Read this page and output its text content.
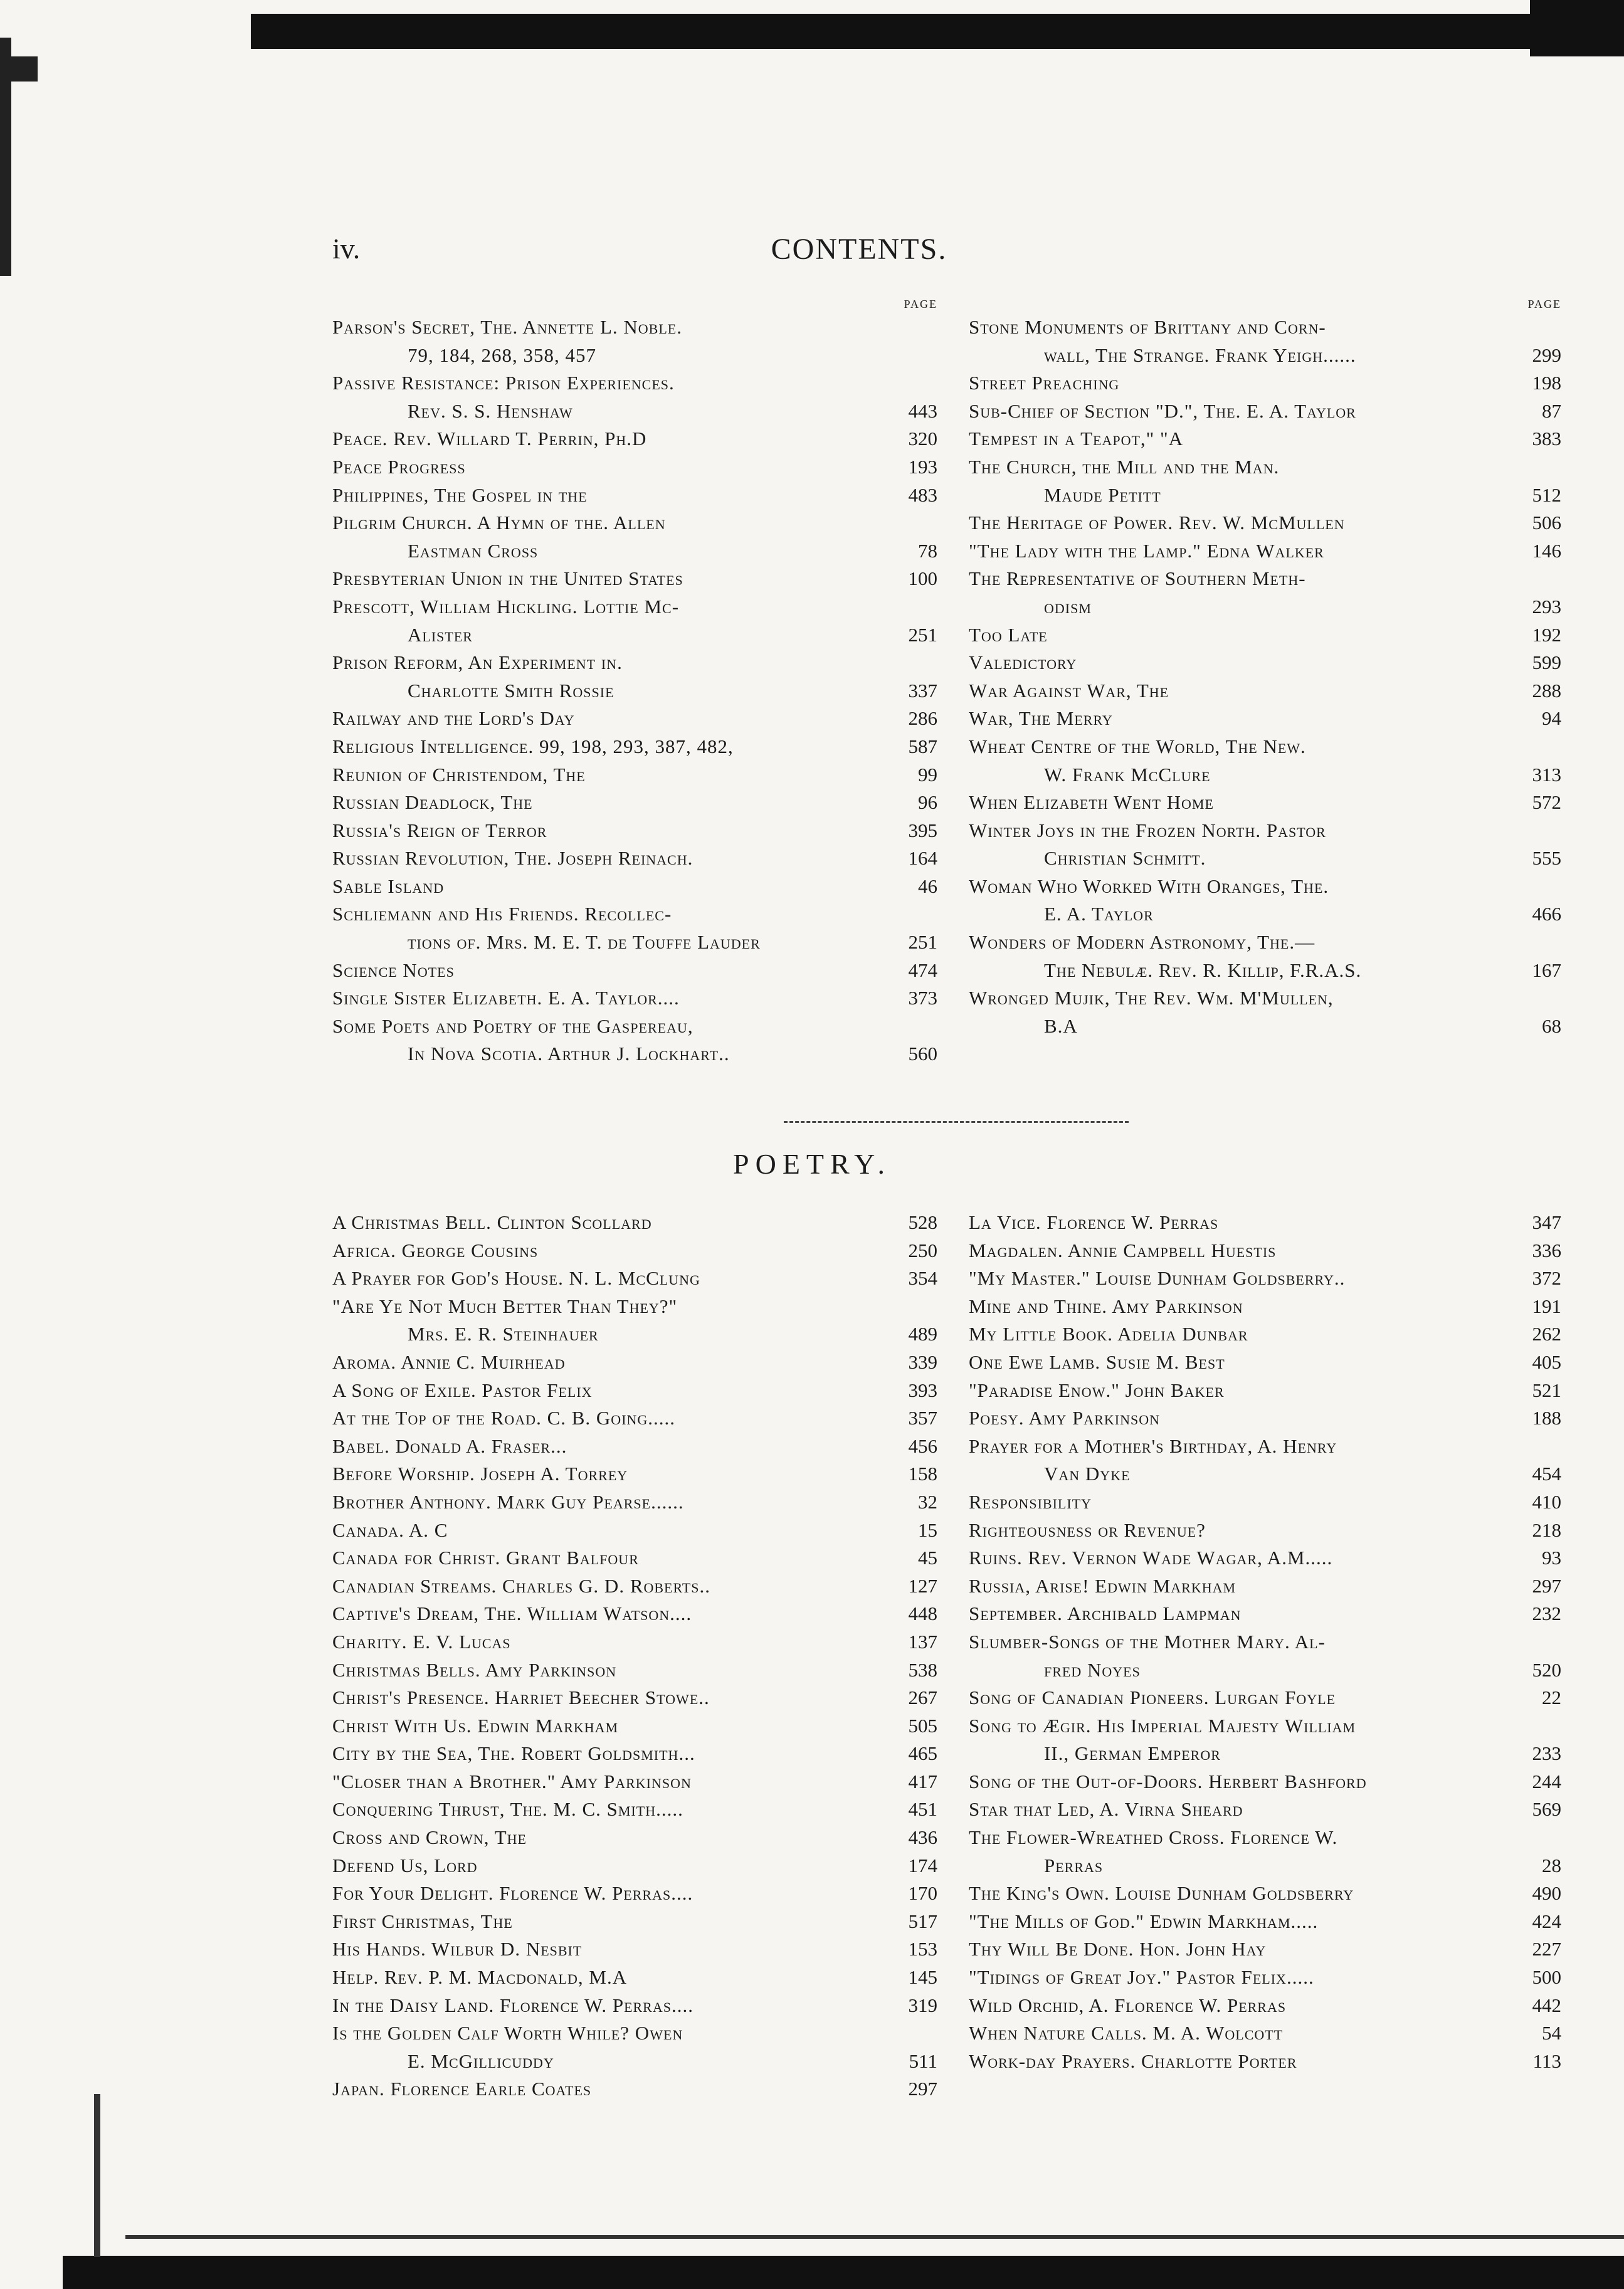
iv.	CONTENTS.
PAGE
Parson's Secret, The. Annette L. Noble.
79, 184, 268, 358, 457
Passive Resistance: Prison Experiences.
Rev. S. S. Henshaw	443
Peace. Rev. Willard T. Perrin, Ph.D	320
Peace Progress	193
Philippines, The Gospel in the	483
Pilgrim Church. A Hymn of the. Allen
Eastman Cross	78
Presbyterian Union in the United States	100
Prescott, William Hickling. Lottie Mc-
Alister	251
Prison Reform, An Experiment in.
Charlotte Smith Rossie	337
Railway and the Lord's Day	286
Religious Intelligence. 99, 198, 293, 387, 482,	587
Reunion of Christendom, The	99
Russian Deadlock, The	96
Russia's Reign of Terror	395
Russian Revolution, The. Joseph Reinach.	164
Sable Island	46
Schliemann and His Friends. Recollec-
tions of. Mrs. M. E. T. de Touffe Lauder	251
Science Notes	474
Single Sister Elizabeth. E. A. Taylor....	373
Some Poets and Poetry of the Gaspereau,
In Nova Scotia. Arthur J. Lockhart..	560
PAGE
Stone Monuments of Brittany and Corn-
wall, The Strange. Frank Yeigh......	299
Street Preaching	198
Sub-Chief of Section "D.", The. E. A. Taylor	87
Tempest in a Teapot," "A	383
The Church, the Mill and the Man.
Maude Petitt	512
The Heritage of Power. Rev. W. McMullen	506
"The Lady with the Lamp." Edna Walker	146
The Representative of Southern Meth-
odism	293
Too Late	192
Valedictory	599
War Against War, The	288
War, The Merry	94
Wheat Centre of the World, The New.
W. Frank McClure	313
When Elizabeth Went Home	572
Winter Joys in the Frozen North. Pastor
Christian Schmitt.	555
Woman Who Worked With Oranges, The.
E. A. Taylor	466
Wonders of Modern Astronomy, The.—
The Nebulæ. Rev. R. Killip, F.R.A.S.	167
Wronged Mujik, The Rev. Wm. M'Mullen,
B.A	68
POETRY.
A Christmas Bell. Clinton Scollard	528
Africa. George Cousins	250
A Prayer for God's House. N. L. McClung	354
"Are Ye Not Much Better Than They?"
Mrs. E. R. Steinhauer	489
Aroma. Annie C. Muirhead	339
A Song of Exile. Pastor Felix	393
At the Top of the Road. C. B. Going.....	357
Babel. Donald A. Fraser...	456
Before Worship. Joseph A. Torrey	158
Brother Anthony. Mark Guy Pearse......	32
Canada. A. C	15
Canada for Christ. Grant Balfour	45
Canadian Streams. Charles G. D. Roberts..	127
Captive's Dream, The. William Watson....	448
Charity. E. V. Lucas	137
Christmas Bells. Amy Parkinson	538
Christ's Presence. Harriet Beecher Stowe..	267
Christ With Us. Edwin Markham	505
City by the Sea, The. Robert Goldsmith...	465
"Closer than a Brother." Amy Parkinson	417
Conquering Thrust, The. M. C. Smith.....	451
Cross and Crown, The	436
Defend Us, Lord	174
For Your Delight. Florence W. Perras....	170
First Christmas, The	517
His Hands. Wilbur D. Nesbit	153
Help. Rev. P. M. Macdonald, M.A	145
In the Daisy Land. Florence W. Perras....	319
Is the Golden Calf Worth While? Owen
E. McGillicuddy	511
Japan. Florence Earle Coates	297
La Vice. Florence W. Perras	347
Magdalen. Annie Campbell Huestis	336
"My Master." Louise Dunham Goldsberry..	372
Mine and Thine. Amy Parkinson	191
My Little Book. Adelia Dunbar	262
One Ewe Lamb. Susie M. Best	405
"Paradise Enow." John Baker	521
Poesy. Amy Parkinson	188
Prayer for a Mother's Birthday, A. Henry
Van Dyke	454
Responsibility	410
Righteousness or Revenue?	218
Ruins. Rev. Vernon Wade Wagar, A.M.....	93
Russia, Arise! Edwin Markham	297
September. Archibald Lampman	232
Slumber-Songs of the Mother Mary. Al-
fred Noyes	520
Song of Canadian Pioneers. Lurgan Foyle	22
Song to Ægir. His Imperial Majesty William
II., German Emperor	233
Song of the Out-of-Doors. Herbert Bashford	244
Star that Led, A. Virna Sheard	569
The Flower-Wreathed Cross. Florence W.
Perras	28
The King's Own. Louise Dunham Goldsberry	490
"The Mills of God." Edwin Markham.....	424
Thy Will Be Done. Hon. John Hay	227
"Tidings of Great Joy." Pastor Felix.....	500
Wild Orchid, A. Florence W. Perras	442
When Nature Calls. M. A. Wolcott	54
Work-day Prayers. Charlotte Porter	113
